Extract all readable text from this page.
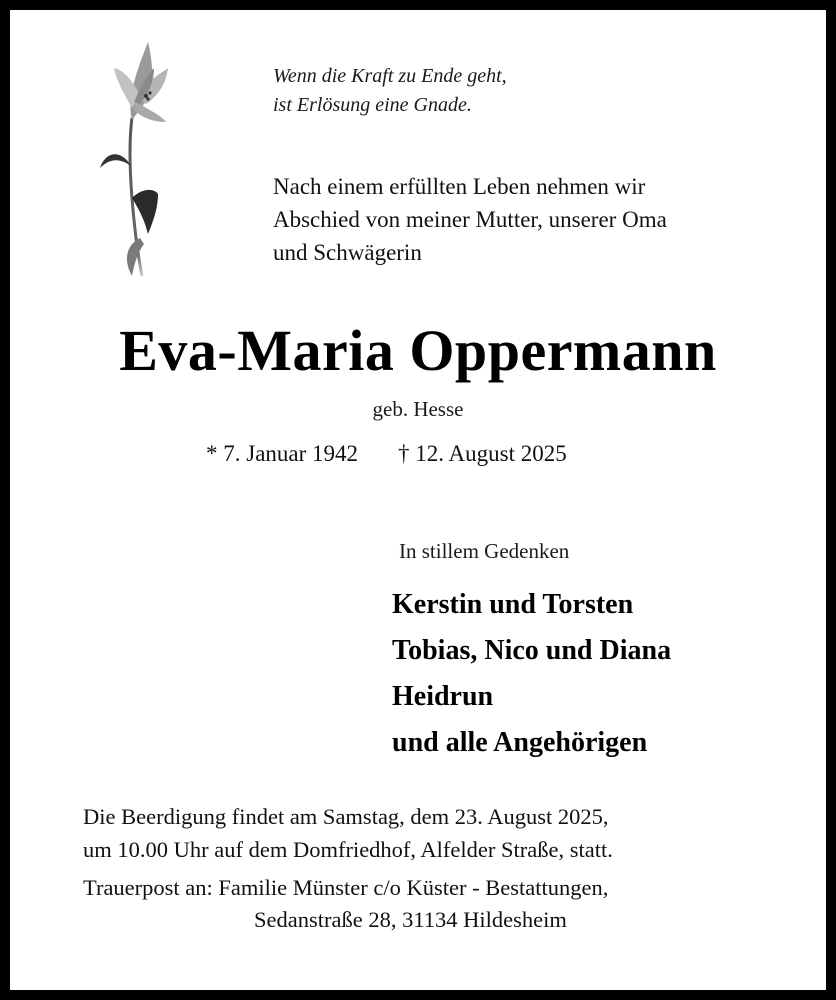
Wenn die Kraft zu Ende geht,
ist Erlösung eine Gnade.
Nach einem erfüllten Leben nehmen wir
Abschied von meiner Mutter, unserer Oma
und Schwägerin
Eva-Maria Oppermann
geb. Hesse
* 7. Januar 1942 † 12. August 2025
In stillem Gedenken
Kerstin und Torsten
Tobias, Nico und Diana
Heidrun
und alle Angehörigen
Die Beerdigung findet am Samstag, dem 23. August 2025,
um 10.00 Uhr auf dem Domfriedhof, Alfelder Straße, statt.
Trauerpost an: Familie Münster c/o Küster - Bestattungen,
Sedanstraße 28, 31134 Hildesheim
